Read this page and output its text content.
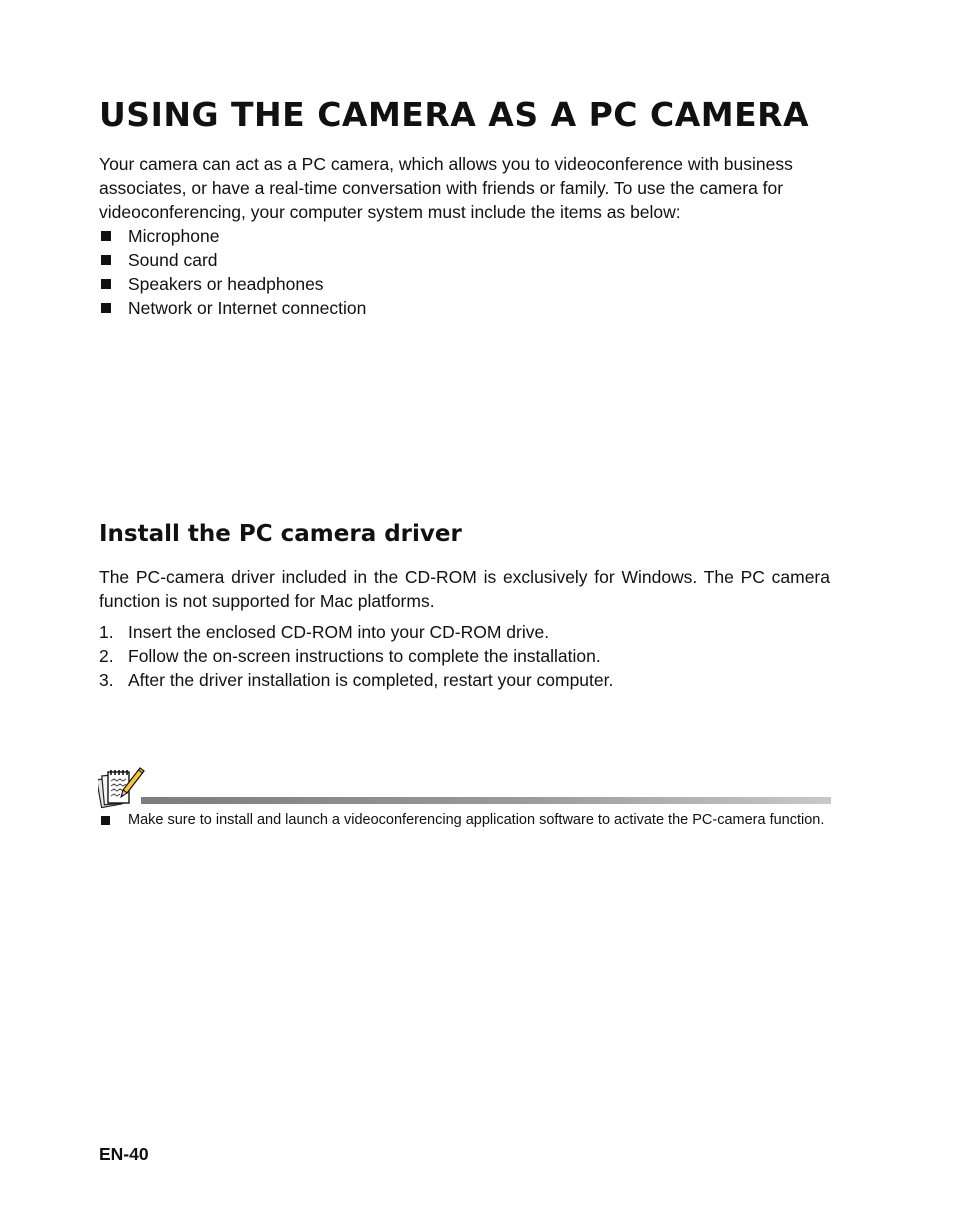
USING THE CAMERA AS A PC CAMERA

Your camera can act as a PC camera, which allows you to videoconference with business associates, or have a real-time conversation with friends or family. To use the camera for videoconferencing, your computer system must include the items as below:

Microphone
Sound card
Speakers or headphones
Network or Internet connection
Install the PC camera driver

The PC-camera driver included in the CD-ROM is exclusively for Windows. The PC camera function is not supported for Mac platforms.

1. Insert the enclosed CD-ROM into your CD-ROM drive.
2. Follow the on-screen instructions to complete the installation.
3. After the driver installation is completed, restart your computer.
Make sure to install and launch a videoconferencing application software to activate the PC-camera function.
EN-40
